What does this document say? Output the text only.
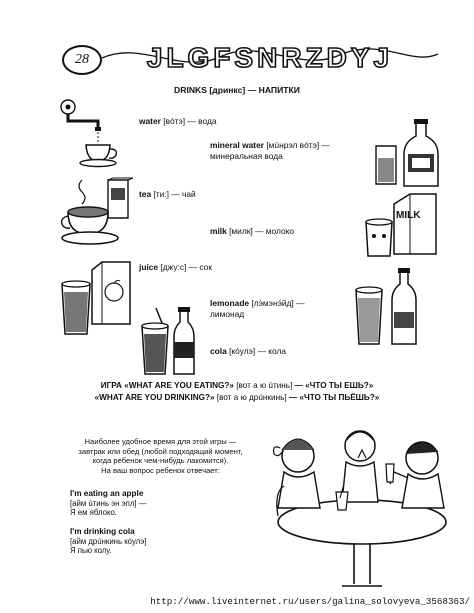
28	JLGFSNRZDYJ
DRINKS [дринкс] — НАПИТКИ
MILK
water [вóтэ] — вода
mineral water [мúнрэл вóтэ] —
минеральная вода
tea [ти:] — чай
milk [милк] — молоко
juice [джу:с] — сок
lemonade [лэ̀мэнэ́йд] —
лимонад
cola [кóулэ] — кола
ИГРА «WHAT ARE YOU EATING?» [вот а ю úтинь] — «ЧТО ТЫ ЕШЬ?»
«WHAT ARE YOU DRINKING?» [вот а ю дрúнкинь] — «ЧТО ТЫ ПЬЁШЬ?»
Наиболее удобное время для этой игры —
завтрак или обед (любой подходящий момент,
когда ребенок чем-нибудь лакомится).
На ваш вопрос ребенок отвечает:
I'm eating an apple
[айм úтинь эн эпл] —
Я ем яблоко.
I'm drinking cola
[айм дрúнкинь кóулэ]
Я пью колу.
http://www.liveinternet.ru/users/galina_solovyeva_3568363/
